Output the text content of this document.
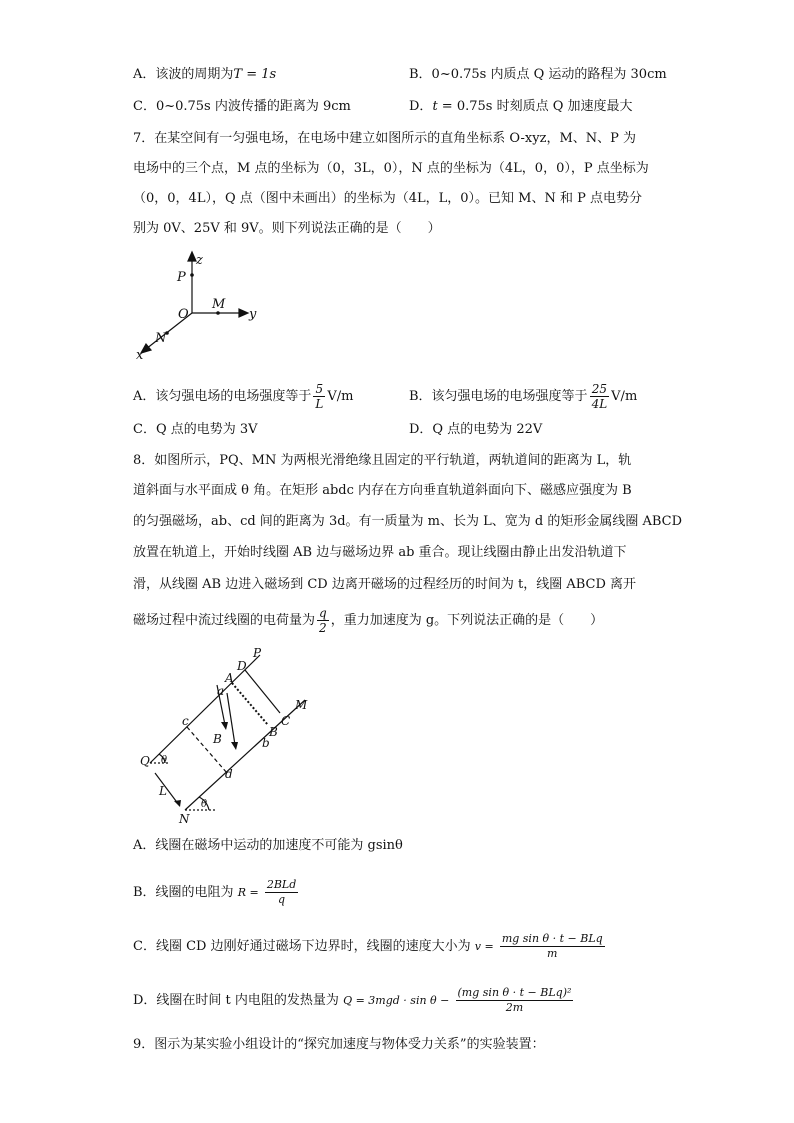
A．该波的周期为T = 1s	B．0~0.75s 内质点 Q 运动的路程为 30cm
C．0~0.75s 内波传播的距离为 9cm	D．t = 0.75s 时刻质点 Q 加速度最大
7．在某空间有一匀强电场，在电场中建立如图所示的直角坐标系 O-xyz，M、N、P 为
电场中的三个点，M 点的坐标为（0，3L，0），N 点的坐标为（4L，0，0），P 点坐标为
（0，0，4L），Q 点（图中未画出）的坐标为（4L，L，0）。已知 M、N 和 P 点电势分
别为 0V、25V 和 9V。则下列说法正确的是（　　）
P
z
O
M
y
N
x
A．该匀强电场的电场强度等于 $\frac{5}{L} V/m$	B．该匀强电场的电场强度等于 $\frac{25}{4L} V/m$
C．Q 点的电势为 3V	D．Q 点的电势为 22V
8．如图所示，PQ、MN 为两根光滑绝缘且固定的平行轨道，两轨道间的距离为 L，轨
道斜面与水平面成 θ 角。在矩形 abdc 内存在方向垂直轨道斜面向下、磁感应强度为 B
的匀强磁场，ab、cd 间的距离为 3d。有一质量为 m、长为 L、宽为 d 的矩形金属线圈 ABCD
放置在轨道上，开始时线圈 AB 边与磁场边界 ab 重合。现让线圈由静止出发沿轨道下
滑，从线圈 AB 边进入磁场到 CD 边离开磁场的过程经历的时间为 t，线圈 ABCD 离开
磁场过程中流过线圈的电荷量为 $\frac{q}{2}$ ，重力加速度为 g。下列说法正确的是（　　）
P
D
A
M
a
c	C
B	B
b
Q θ
d
L
θ
N
A．线圈在磁场中运动的加速度不可能为 gsinθ
B．线圈的电阻为 $R = \frac{\text{2BLd}}{q}$
C．线圈 CD 边刚好通过磁场下边界时，线圈的速度大小为 $v = \frac{\text{mg sin θ · t − BLq}}{m}$
D．线圈在时间 t 内电阻的发热量为 $Q = 3mgd \cdot \sin \theta - \frac{\text{(mg sin θ · t − BLq)²}}{2m}$
9．图示为某实验小组设计的“探究加速度与物体受力关系”的实验装置：
